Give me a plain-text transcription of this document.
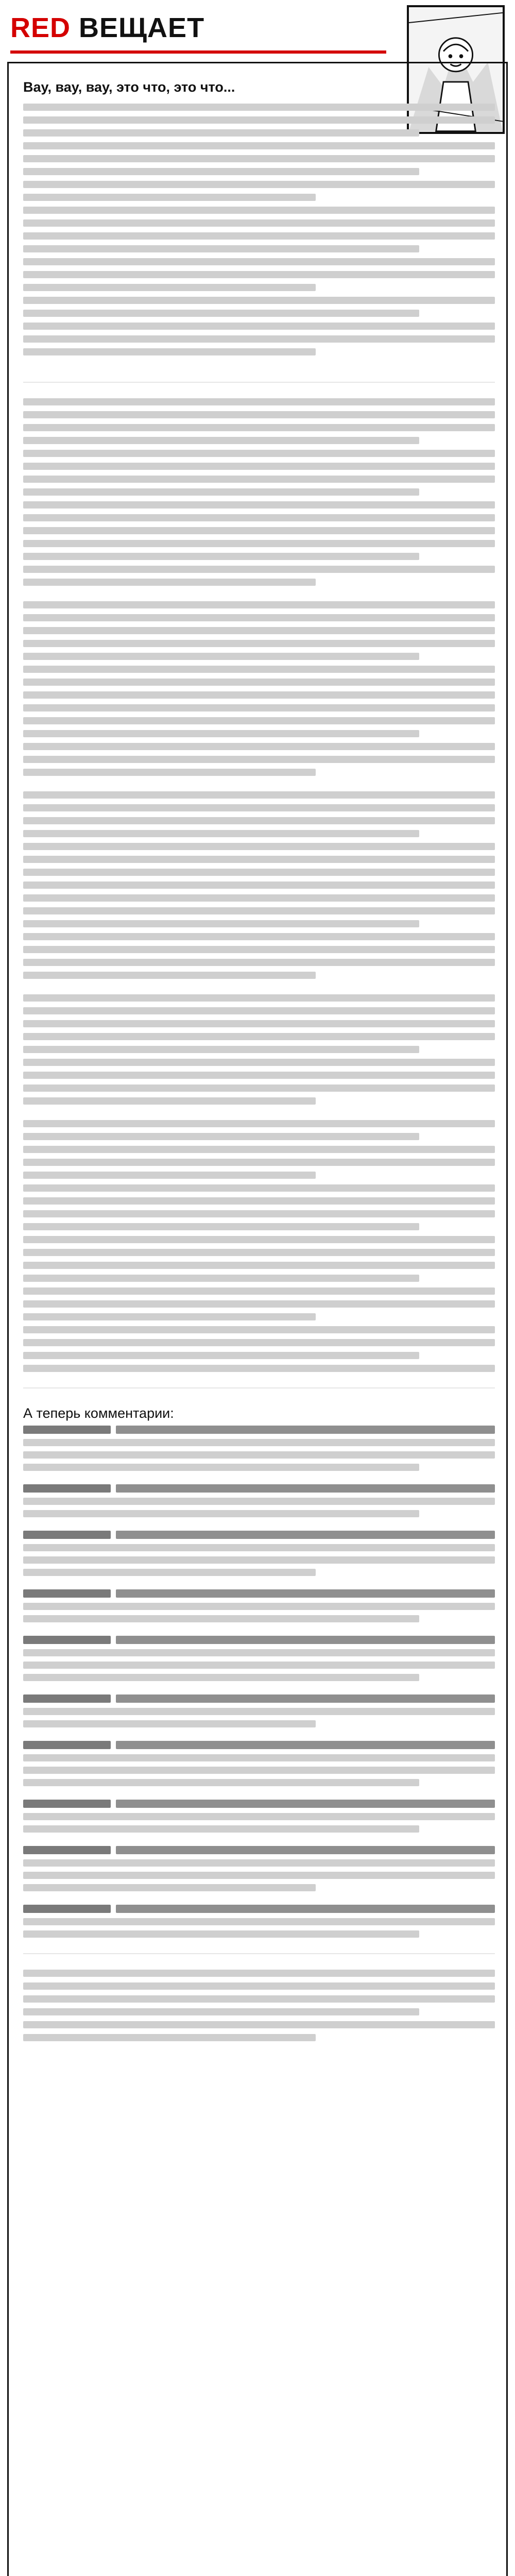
RED ВЕЩАЕТ
Вау, вау, вау, это что, это что...
А теперь комментарии:
